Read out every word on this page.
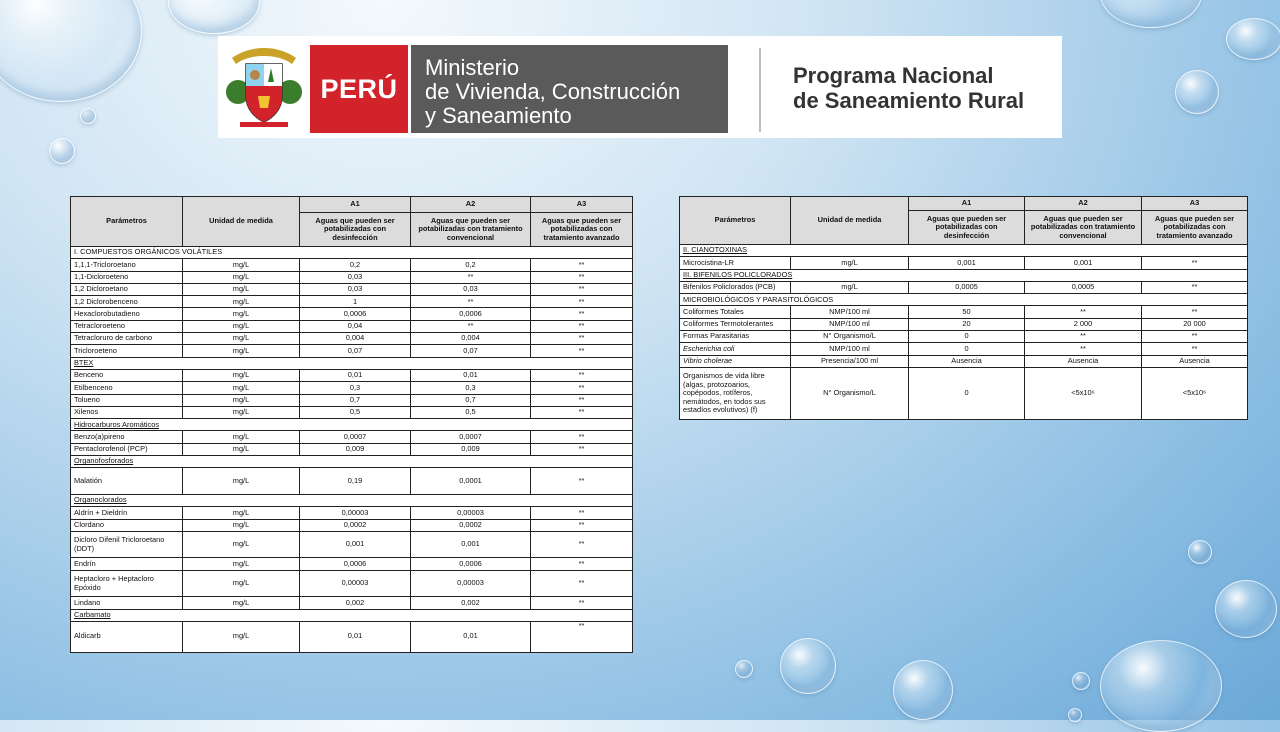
PERÚ
Ministerio
de Vivienda, Construcción
y Saneamiento
Programa Nacional
de Saneamiento Rural
Parámetros	Unidad de medida	A1	A2	A3
		Aguas que pueden ser potabilizadas con desinfección	Aguas que pueden ser potabilizadas con tratamiento convencional	Aguas que pueden ser potabilizadas con tratamiento avanzado
I. COMPUESTOS ORGÁNICOS VOLÁTILES				
1,1,1-Tricloroetano	mg/L	0,2	0,2	**
1,1-Dicloroeteno	mg/L	0,03	**	**
1,2 Dicloroetano	mg/L	0,03	0,03	**
1,2 Diclorobenceno	mg/L	1	**	**
Hexaclorobutadieno	mg/L	0,0006	0,0006	**
Tetracloroeteno	mg/L	0,04	**	**
Tetracloruro de carbono	mg/L	0,004	0,004	**
Tricloroeteno	mg/L	0,07	0,07	**
BTEX				
Benceno	mg/L	0,01	0,01	**
Etilbenceno	mg/L	0,3	0,3	**
Tolueno	mg/L	0,7	0,7	**
Xilenos	mg/L	0,5	0,5	**
Hidrocarburos Aromáticos				
Benzo(a)pireno	mg/L	0,0007	0,0007	**
Pentaclorofenol (PCP)	mg/L	0,009	0,009	**
Organofosforados				
Malatión	mg/L	0,19	0,0001	**
Organoclorados				
Aldrín + Dieldrín	mg/L	0,00003	0,00003	**
Clordano	mg/L	0,0002	0,0002	**
Dicloro Difenil Tricloroetano (DDT)	mg/L	0,001	0,001	**
Endrín	mg/L	0,0006	0,0006	**
Heptacloro + Heptacloro Epóxido	mg/L	0,00003	0,00003	**
Lindano	mg/L	0,002	0,002	**
Carbamato				
Aldicarb	mg/L	0,01	0,01	**
Parámetros	Unidad de medida	A1	A2	A3
		Aguas que pueden ser potabilizadas con desinfección	Aguas que pueden ser potabilizadas con tratamiento convencional	Aguas que pueden ser potabilizadas con tratamiento avanzado
II. CIANOTOXINAS				
Microcistina-LR	mg/L	0,001	0,001	**
III. BIFENILOS POLICLORADOS				
Bifenilos Policlorados (PCB)	mg/L	0,0005	0,0005	**
MICROBIOLÓGICOS Y PARASITOLÓGICOS				
Coliformes Totales	NMP/100 ml	50	**	**
Coliformes Termotolerantes	NMP/100 ml	20	2 000	20 000
Formas Parasitarias	N° Organismo/L	0	**	**
Escherichia coli	NMP/100 ml	0	**	**
Vibrio cholerae	Presencia/100 ml	Ausencia	Ausencia	Ausencia
Organismos de vida libre (algas, protozoarios, copépodos, rotíferos, nemátodos, en todos sus estadíos evolutivos) (f)	N° Organismo/L	0	<5x10⁶	<5x10⁶
